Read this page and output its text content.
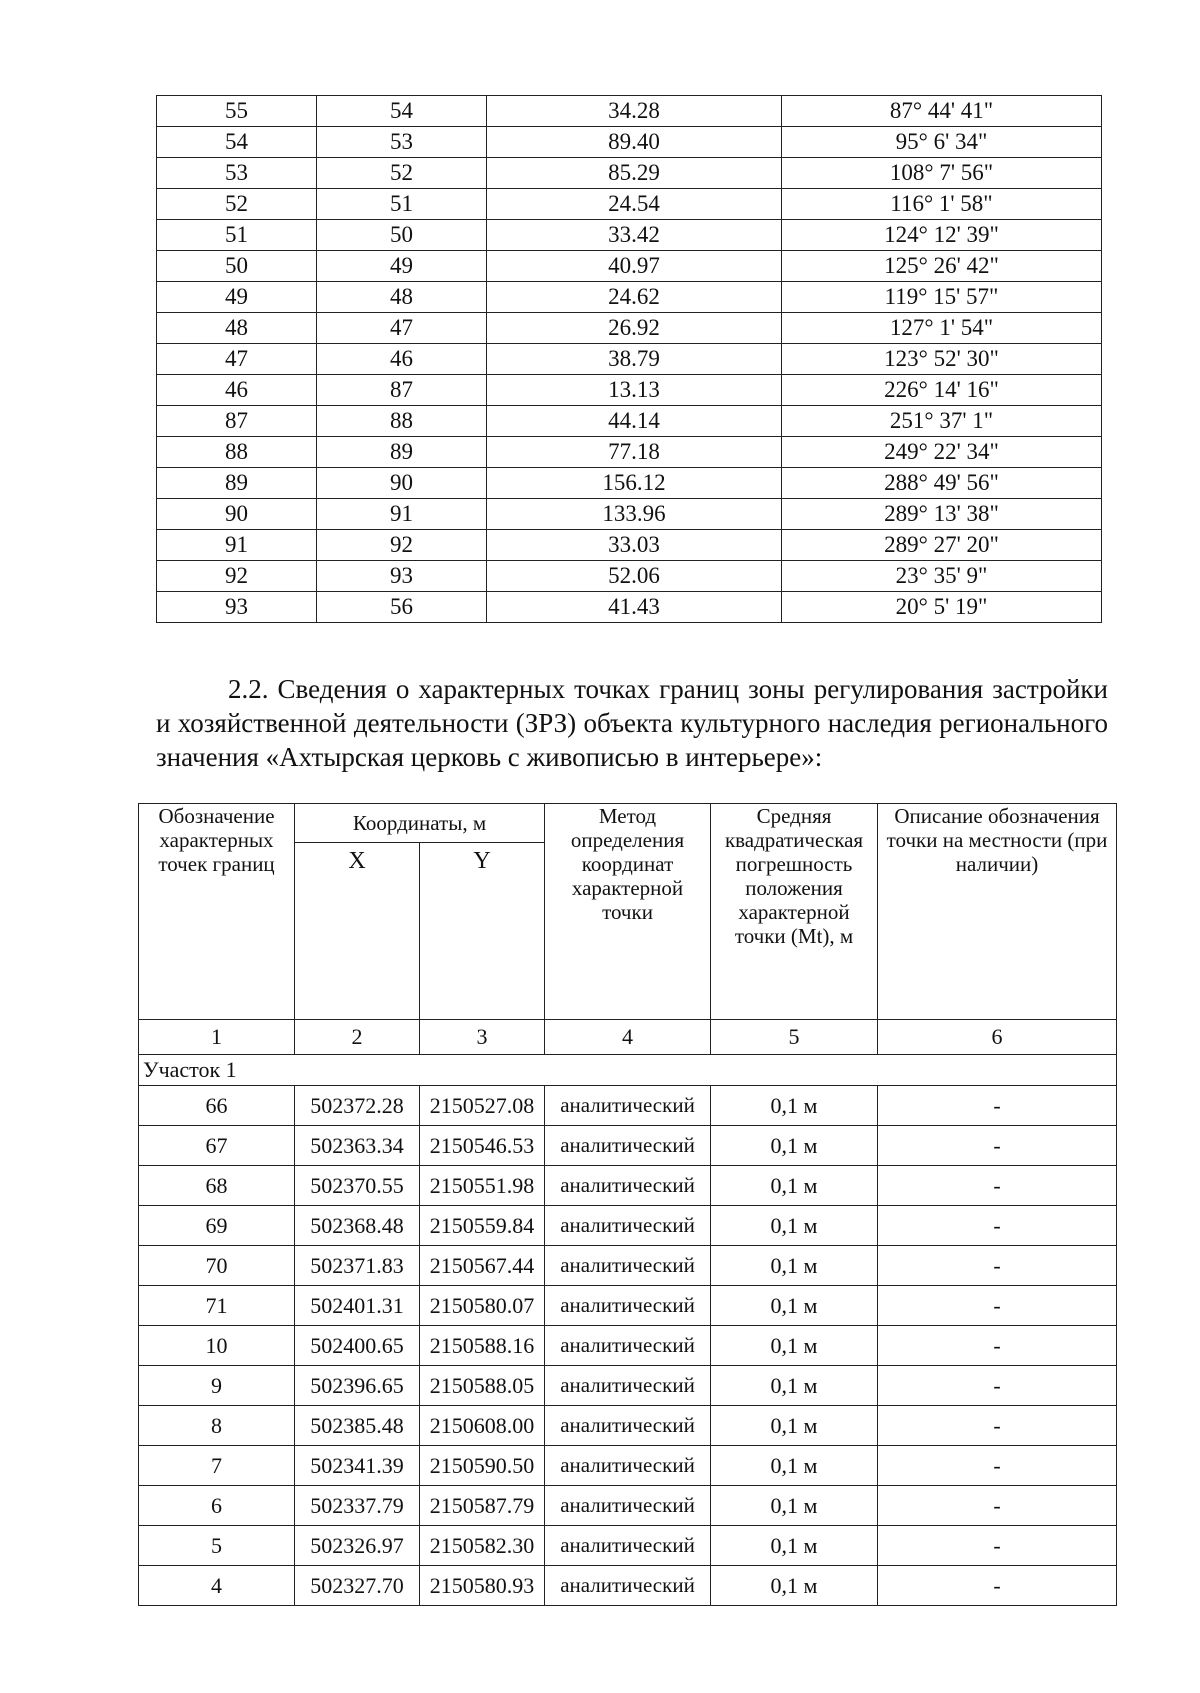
55	54	34.28	87° 44' 41"
54	53	89.40	95° 6' 34"
53	52	85.29	108° 7' 56"
52	51	24.54	116° 1' 58"
51	50	33.42	124° 12' 39"
50	49	40.97	125° 26' 42"
49	48	24.62	119° 15' 57"
48	47	26.92	127° 1' 54"
47	46	38.79	123° 52' 30"
46	87	13.13	226° 14' 16"
87	88	44.14	251° 37' 1"
88	89	77.18	249° 22' 34"
89	90	156.12	288° 49' 56"
90	91	133.96	289° 13' 38"
91	92	33.03	289° 27' 20"
92	93	52.06	23° 35' 9"
93	56	41.43	20° 5' 19"

2.2. Сведения о характерных точках границ зоны регулирования застройки и хозяйственной деятельности (ЗРЗ) объекта культурного наследия регионального значения «Ахтырская церковь с живописью в интерьере»:

Обозначение характерных точек границ	Координаты, м		Метод определения координат характерной точки	Средняя квадратическая погрешность положения характерной точки (Mt), м	Описание обозначения точки на местности (при наличии)
	X	Y			
1	2	3	4	5	6
Участок 1					
66	502372.28	2150527.08	аналитический	0,1 м	-
67	502363.34	2150546.53	аналитический	0,1 м	-
68	502370.55	2150551.98	аналитический	0,1 м	-
69	502368.48	2150559.84	аналитический	0,1 м	-
70	502371.83	2150567.44	аналитический	0,1 м	-
71	502401.31	2150580.07	аналитический	0,1 м	-
10	502400.65	2150588.16	аналитический	0,1 м	-
9	502396.65	2150588.05	аналитический	0,1 м	-
8	502385.48	2150608.00	аналитический	0,1 м	-
7	502341.39	2150590.50	аналитический	0,1 м	-
6	502337.79	2150587.79	аналитический	0,1 м	-
5	502326.97	2150582.30	аналитический	0,1 м	-
4	502327.70	2150580.93	аналитический	0,1 м	-
